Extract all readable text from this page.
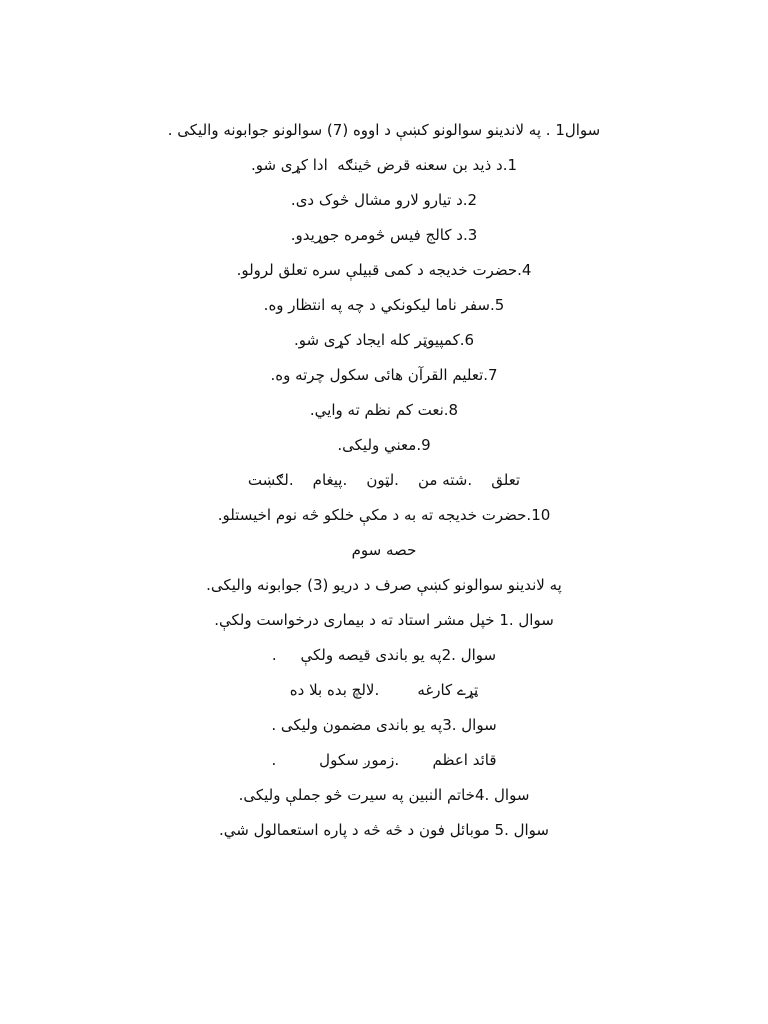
سوال1 . په لاندینو سوالونو کښې د اووه (7) سوالونو جوابونه واليکی .
1.د ذید بن سعنه قرض څینګه  ادا کړی شو.
2.د تیارو لارو مشال څوک دی.
3.د کالج فيس څومره جوړیدو.
4.حضرت خديجه د کمی قبيلې سره تعلق لرولو.
5.سفر ناما ليکونکي د چه په انتظار وه.
6.کمپيوټر کله ايجاد کړی شو.
7.تعليم القرآن هائی سکول چرته وه.
8.نعت کم نظم ته وايي.
9.معني وليکی.
تعلق    .شته من    .لټون    .پيغام    .لګښت
10.حضرت خديجه ته به د مکې خلکو څه نوم اخيستلو.
حصه سوم
په لاندينو سوالونو کښې صرف د دريو (3) جوابونه واليکی.
سوال .1 خپل مشر استاد ته د بيماری درخواست ولکې.
سوال .2په يو باندی قيصه ولکې     .
ټړے کارغه        .لالچ بده بلا ده
سوال .3په يو باندی مضمون وليکی .
قائد اعظم       .زموږ سکول         .
سوال .4خاتم النبين په سيرت څو جملې وليکی.
سوال .5 موبائل فون د څه څه د پاره استعمالول شي.
